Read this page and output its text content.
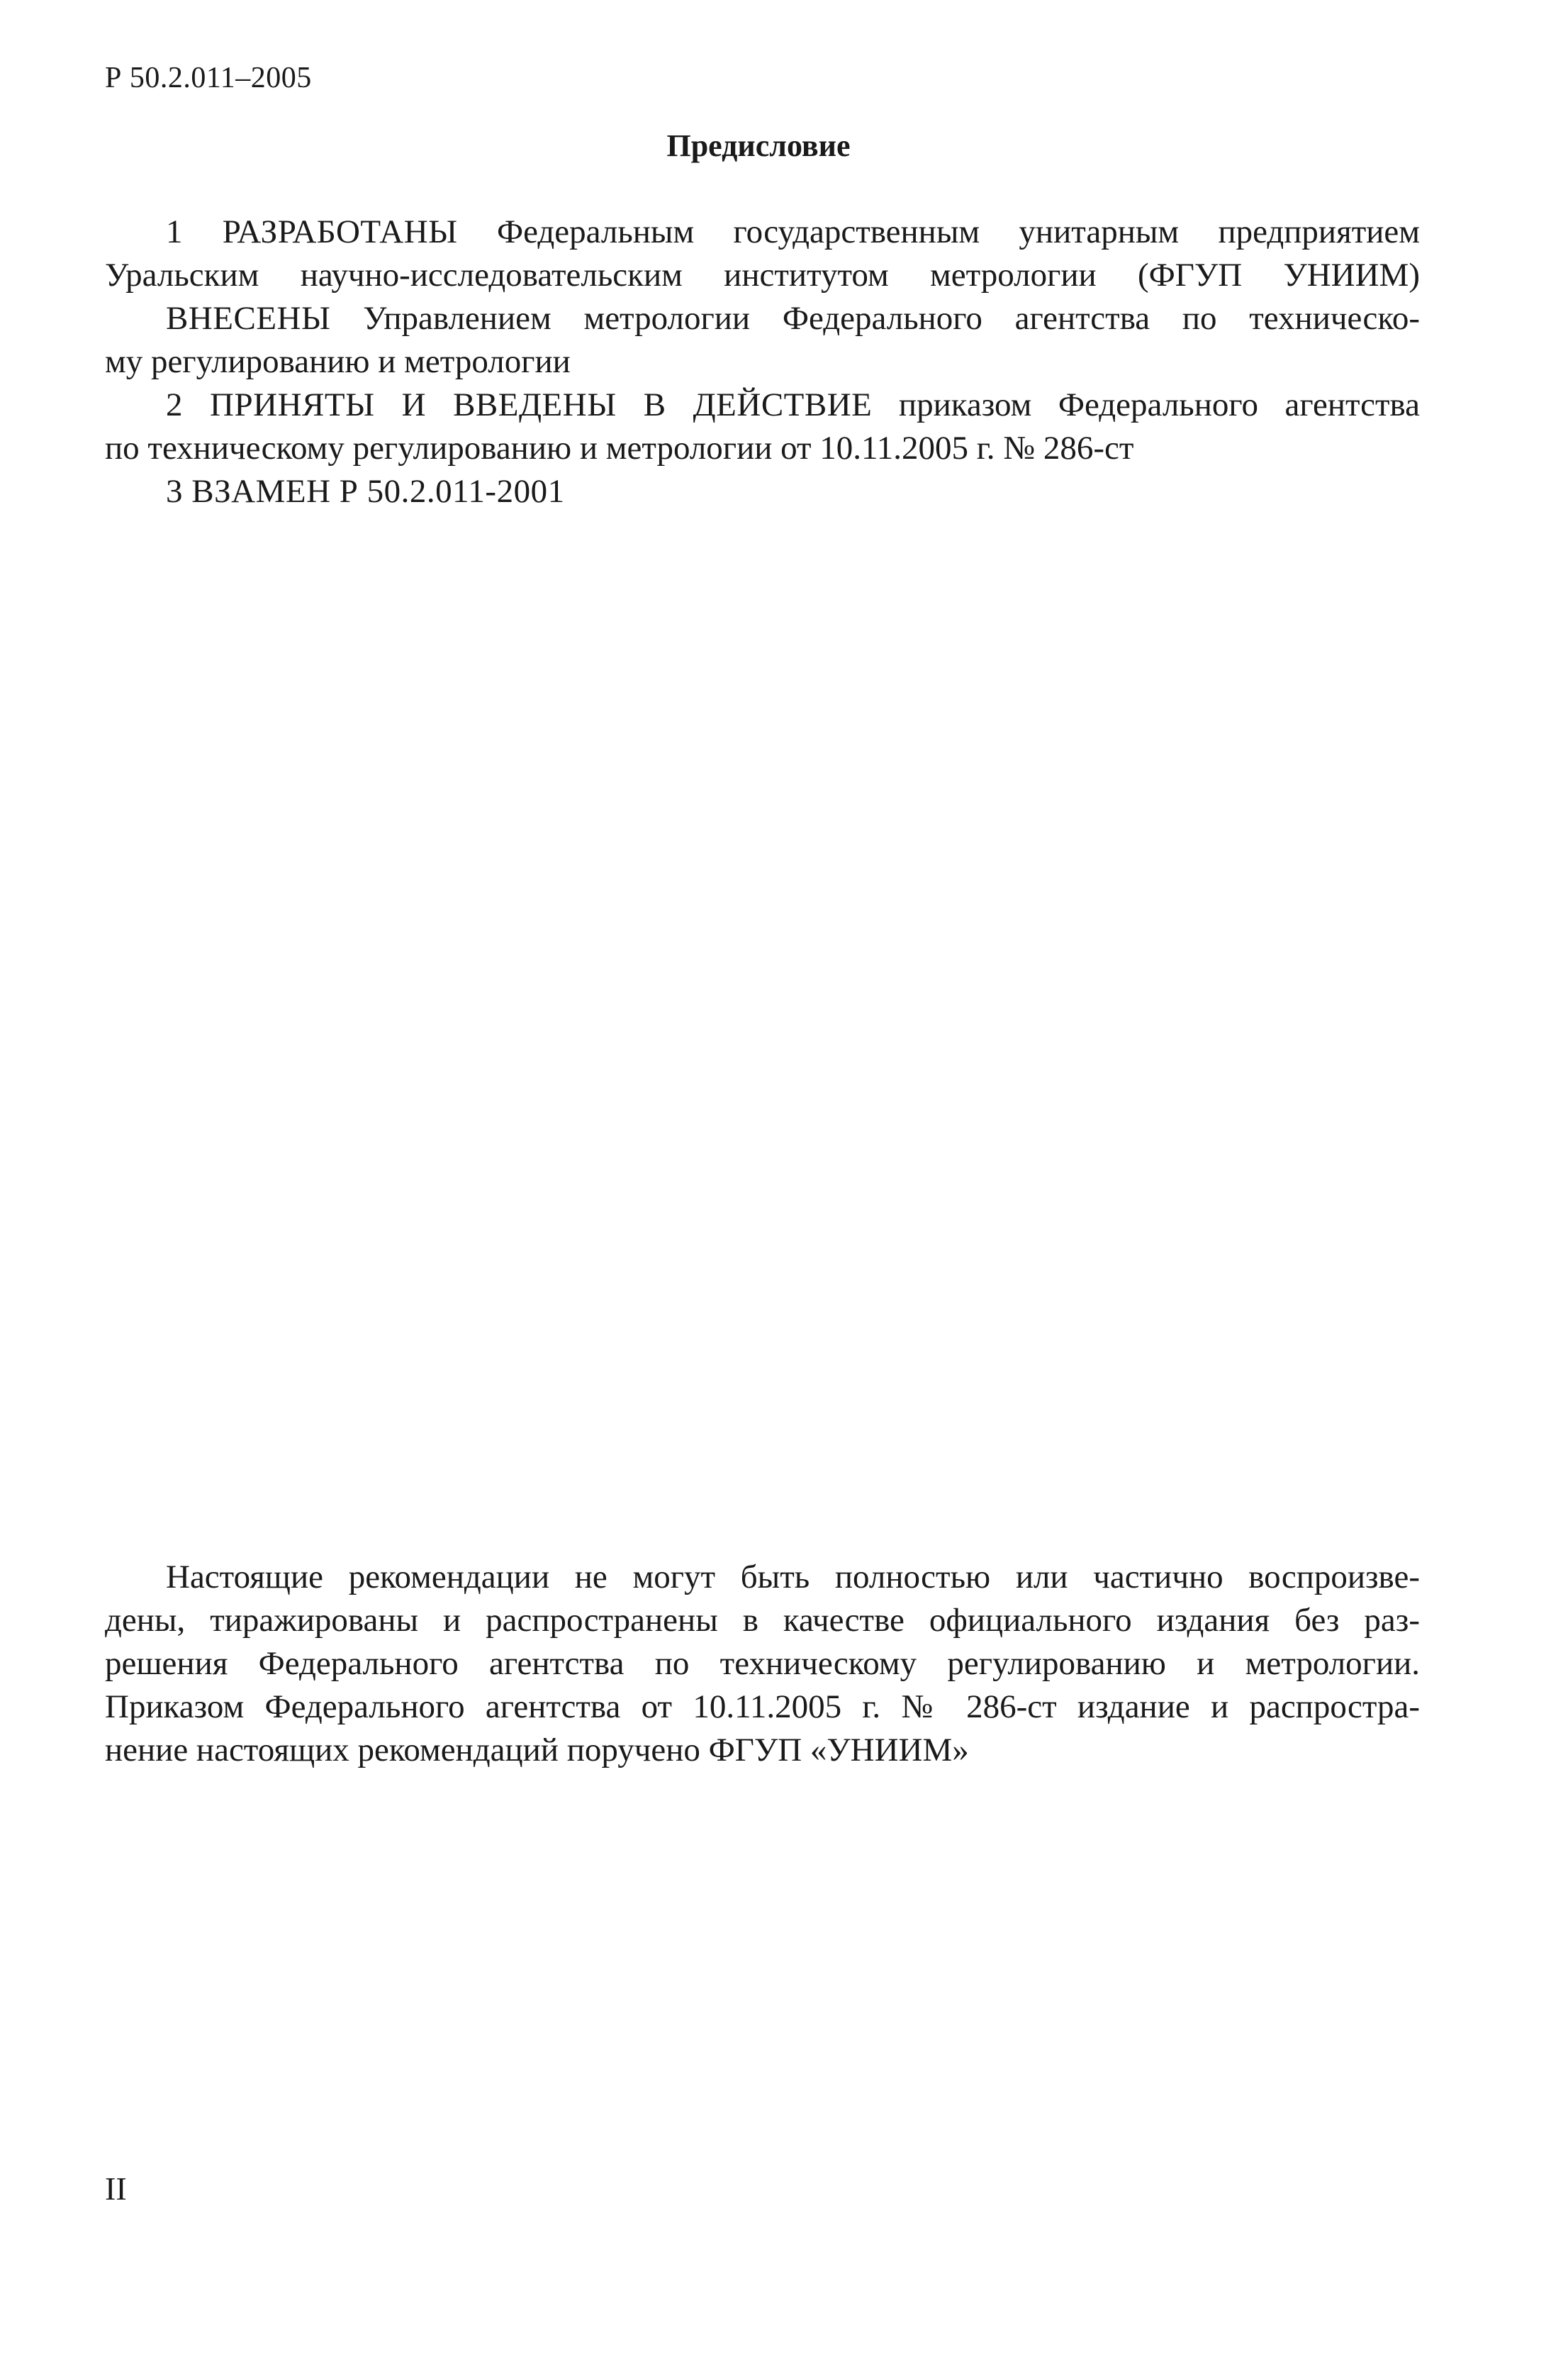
Р 50.2.011–2005
Предисловие
1 РАЗРАБОТАНЫ Федеральным государственным унитарным предприятием
Уральским научно-исследовательским институтом метрологии (ФГУП УНИИМ)
ВНЕСЕНЫ Управлением метрологии Федерального агентства по техническо-
му регулированию и метрологии
2 ПРИНЯТЫ И ВВЕДЕНЫ В ДЕЙСТВИЕ приказом Федерального агентства
по техническому регулированию и метрологии от 10.11.2005 г. № 286-ст
3 ВЗАМЕН Р 50.2.011-2001
Настоящие рекомендации не могут быть полностью или частично воспроизве-
дены, тиражированы и распространены в качестве официального издания без раз-
решения Федерального агентства по техническому регулированию и метрологии.
Приказом Федерального агентства от 10.11.2005 г. № 286-ст издание и распростра-
нение настоящих рекомендаций поручено ФГУП «УНИИМ»
II
